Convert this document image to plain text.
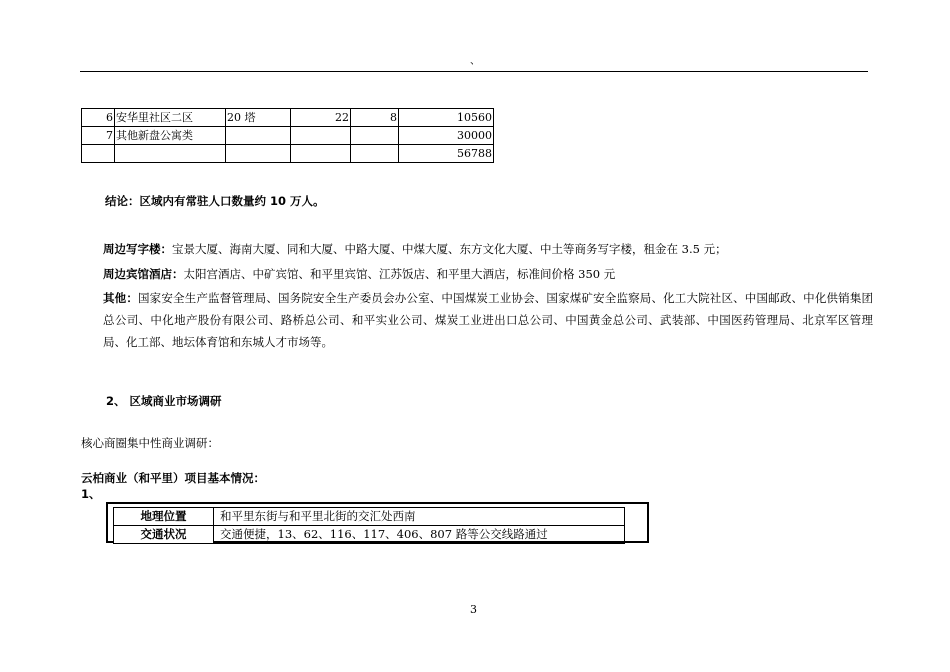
、
6	安华里社区二区	20 塔	22	8	10560
7	其他新盘公寓类				30000
					56788
结论：区域内有常驻人口数量约 10 万人。
周边写字楼：宝景大厦、海南大厦、同和大厦、中路大厦、中煤大厦、东方文化大厦、中土等商务写字楼，租金在 3.5 元；
周边宾馆酒店：太阳宫酒店、中矿宾馆、和平里宾馆、江苏饭店、和平里大酒店，标准间价格 350 元
其他：国家安全生产监督管理局、国务院安全生产委员会办公室、中国煤炭工业协会、国家煤矿安全监察局、化工大院社区、中国邮政、中化供销集团总公司、中化地产股份有限公司、路桥总公司、和平实业公司、煤炭工业进出口总公司、中国黄金总公司、武装部、中国医药管理局、北京军区管理局、化工部、地坛体育馆和东城人才市场等。
2、 区域商业市场调研
核心商圈集中性商业调研：
云柏商业（和平里）项目基本情况：
1、
地理位置	和平里东街与和平里北街的交汇处西南
交通状况	交通便捷，13、62、116、117、406、807 路等公交线路通过
3
